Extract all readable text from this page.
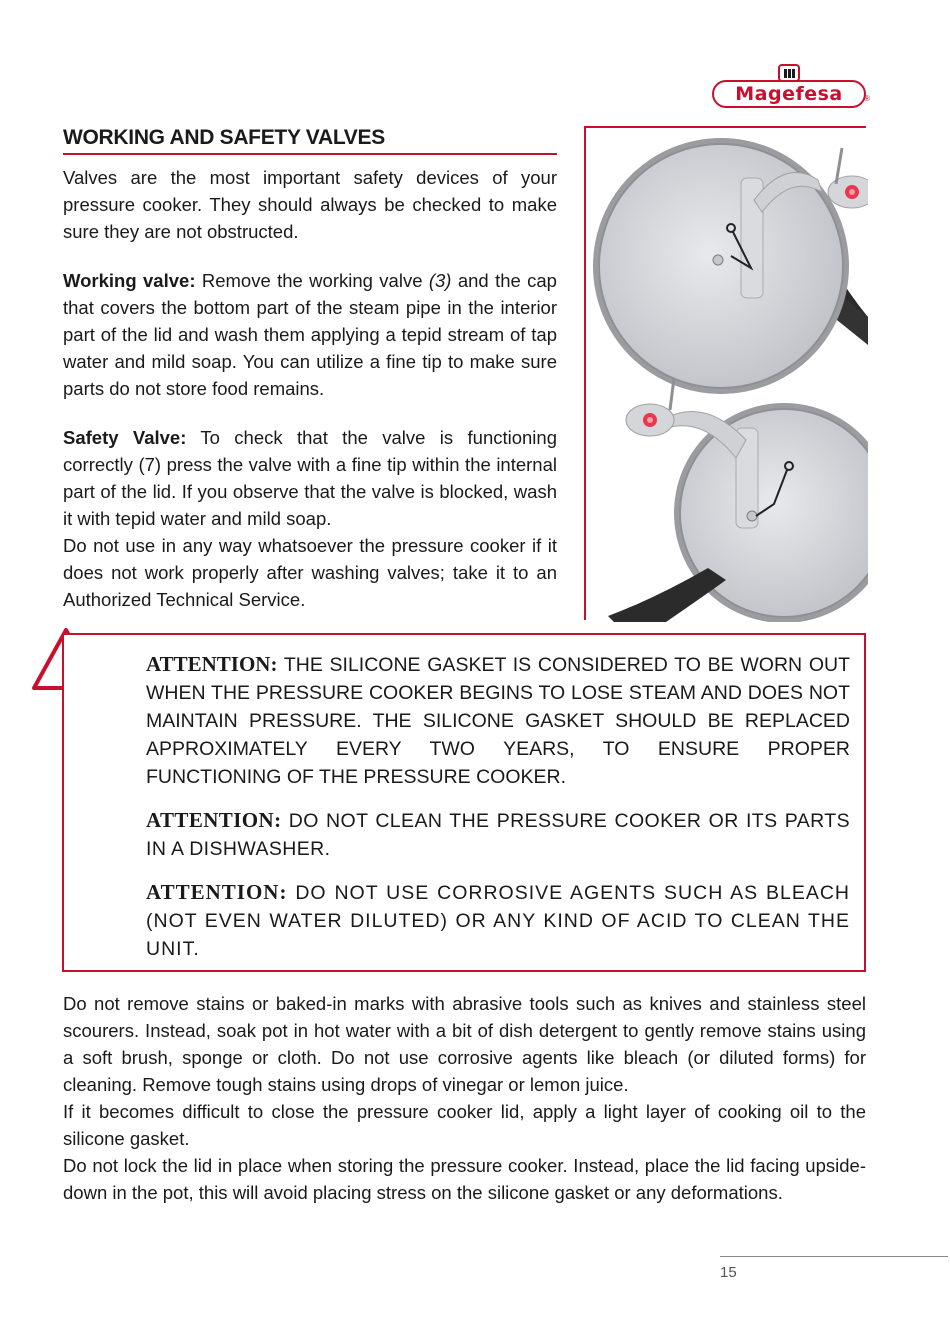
Magefesa	®
WORKING AND SAFETY VALVES

Valves are the most important safety devices of your pressure cooker. They should always be checked to make sure they are not obstructed.

Working valve: Remove the working valve (3) and the cap that covers the bottom part of the steam pipe in the interior part of the lid and wash them applying a tepid stream of tap water and mild soap. You can utilize a fine tip to make sure parts do not store food remains.

Safety Valve: To check that the valve is functioning correctly (7) press the valve with a fine tip within the internal part of the lid. If you observe that the valve is blocked, wash it with tepid water and mild soap.

Do not use in any way whatsoever the pressure cooker if it does not work properly after washing valves; take it to an Authorized Technical Service.

ATTENTION: THE SILICONE GASKET IS CONSIDERED TO BE WORN OUT WHEN THE PRESSURE COOKER BEGINS TO LOSE STEAM AND DOES NOT MAINTAIN PRESSURE. THE SILICONE GASKET SHOULD BE REPLACED APPROXIMATELY EVERY TWO YEARS, TO ENSURE PROPER FUNCTIONING OF THE PRESSURE COOKER.

ATTENTION: DO NOT CLEAN THE PRESSURE COOKER OR ITS PARTS IN A DISHWASHER.

ATTENTION: DO NOT USE CORROSIVE AGENTS SUCH AS BLEACH (NOT EVEN WATER DILUTED) OR ANY KIND OF ACID TO CLEAN THE UNIT.

Do not remove stains or baked-in marks with abrasive tools such as knives and stainless steel scourers. Instead, soak pot in hot water with a bit of dish detergent to gently remove stains using a soft brush, sponge or cloth. Do not use corrosive agents like bleach (or diluted forms) for cleaning. Remove tough stains using drops of vinegar or lemon juice.

If it becomes difficult to close the pressure cooker lid, apply a light layer of cooking oil to the silicone gasket.

Do not lock the lid in place when storing the pressure cooker. Instead, place the lid facing upside-down in the pot, this will avoid placing stress on the silicone gasket or any deformations.

15
